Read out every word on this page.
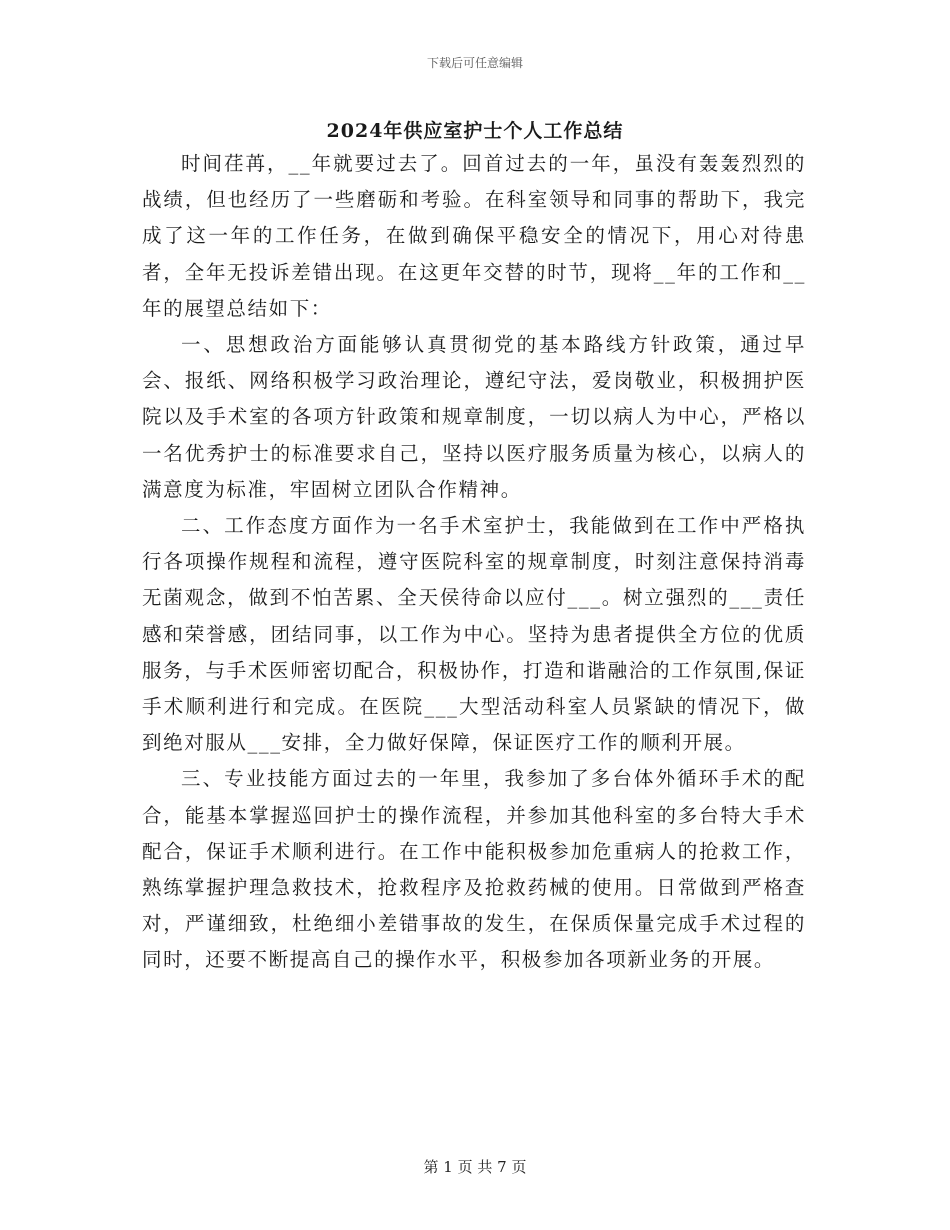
下载后可任意编辑
2024年供应室护士个人工作总结

时间荏苒，__年就要过去了。回首过去的一年，虽没有轰轰烈烈的战绩，但也经历了一些磨砺和考验。在科室领导和同事的帮助下，我完成了这一年的工作任务，在做到确保平稳安全的情况下，用心对待患者，全年无投诉差错出现。在这更年交替的时节，现将__年的工作和__年的展望总结如下：

一、思想政治方面能够认真贯彻党的基本路线方针政策，通过早会、报纸、网络积极学习政治理论，遵纪守法，爱岗敬业，积极拥护医院以及手术室的各项方针政策和规章制度，一切以病人为中心，严格以一名优秀护士的标准要求自己，坚持以医疗服务质量为核心，以病人的满意度为标准，牢固树立团队合作精神。

二、工作态度方面作为一名手术室护士，我能做到在工作中严格执行各项操作规程和流程，遵守医院科室的规章制度，时刻注意保持消毒无菌观念，做到不怕苦累、全天侯待命以应付___。树立强烈的___责任感和荣誉感，团结同事，以工作为中心。坚持为患者提供全方位的优质服务，与手术医师密切配合，积极协作，打造和谐融洽的工作氛围,保证手术顺利进行和完成。在医院___大型活动科室人员紧缺的情况下，做到绝对服从___安排，全力做好保障，保证医疗工作的顺利开展。

三、专业技能方面过去的一年里，我参加了多台体外循环手术的配合，能基本掌握巡回护士的操作流程，并参加其他科室的多台特大手术配合，保证手术顺利进行。在工作中能积极参加危重病人的抢救工作，熟练掌握护理急救技术，抢救程序及抢救药械的使用。日常做到严格查对，严谨细致，杜绝细小差错事故的发生，在保质保量完成手术过程的同时，还要不断提高自己的操作水平，积极参加各项新业务的开展。

第 1 页 共 7 页
